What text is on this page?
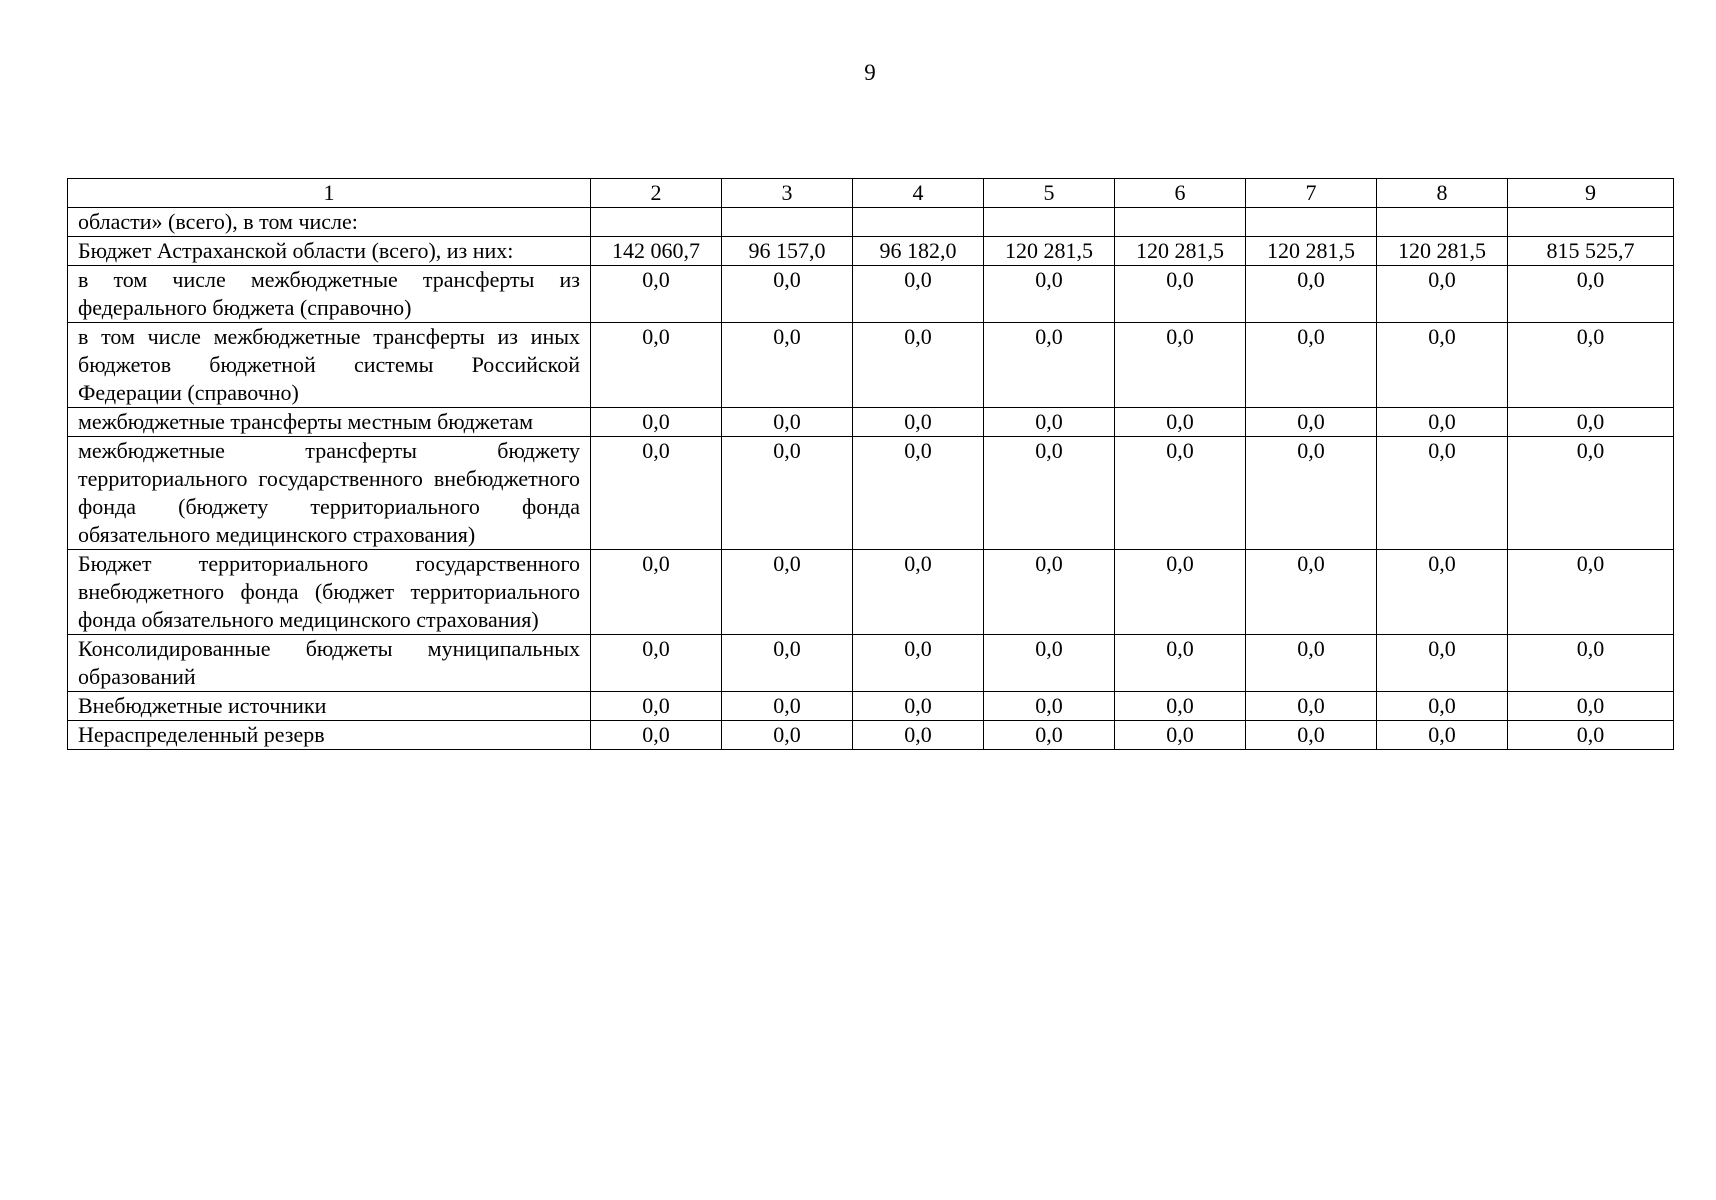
9
1	2	3	4	5	6	7	8	9
области» (всего), в том числе:								
Бюджет Астраханской области (всего), из них:	142 060,7	96 157,0	96 182,0	120 281,5	120 281,5	120 281,5	120 281,5	815 525,7
в том числе межбюджетные трансферты из федерального бюджета (справочно)	0,0	0,0	0,0	0,0	0,0	0,0	0,0	0,0
в том числе межбюджетные трансферты из иных бюджетов бюджетной системы Российской Федерации (справочно)	0,0	0,0	0,0	0,0	0,0	0,0	0,0	0,0
межбюджетные трансферты местным бюджетам	0,0	0,0	0,0	0,0	0,0	0,0	0,0	0,0
межбюджетные трансферты бюджету территориального государственного внебюджетного фонда (бюджету территориального фонда обязательного медицинского страхования)	0,0	0,0	0,0	0,0	0,0	0,0	0,0	0,0
Бюджет территориального государственного внебюджетного фонда (бюджет территориального фонда обязательного медицинского страхования)	0,0	0,0	0,0	0,0	0,0	0,0	0,0	0,0
Консолидированные бюджеты муниципальных образований	0,0	0,0	0,0	0,0	0,0	0,0	0,0	0,0
Внебюджетные источники	0,0	0,0	0,0	0,0	0,0	0,0	0,0	0,0
Нераспределенный резерв	0,0	0,0	0,0	0,0	0,0	0,0	0,0	0,0
